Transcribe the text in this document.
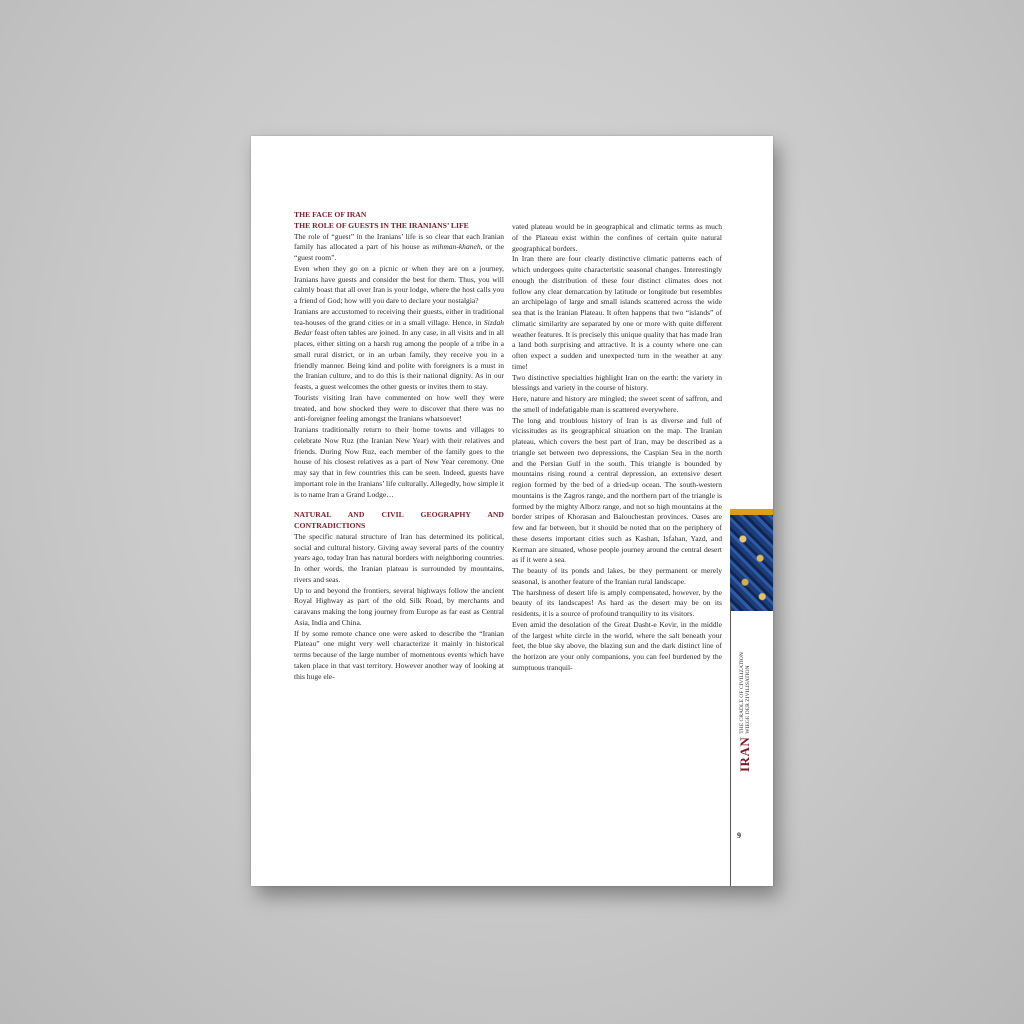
THE FACE OF IRAN

THE ROLE OF GUESTS IN THE IRANIANS’ LIFE

The role of “guest” in the Iranians’ life is so clear that each Iranian family has allocated a part of his house as mihman-khaneh, or the “guest room”.

Even when they go on a picnic or when they are on a journey, Iranians have guests and consider the best for them. Thus, you will calmly boast that all over Iran is your lodge, where the host calls you a friend of God; how will you dare to declare your nostalgia?

Iranians are accustomed to receiving their guests, either in traditional tea-houses of the grand cities or in a small village. Hence, in Sizdah Bedar feast often tables are joined. In any case, in all visits and in all places, either sitting on a harsh rug among the people of a tribe in a small rural district, or in an urban family, they receive you in a friendly manner. Being kind and polite with foreigners is a must in the Iranian culture, and to do this is their national dignity. As in our feasts, a guest welcomes the other guests or invites them to stay.

Tourists visiting Iran have commented on how well they were treated, and how shocked they were to discover that there was no anti-foreigner feeling amongst the Iranians whatsoever!

Iranians traditionally return to their home towns and villages to celebrate Now Ruz (the Iranian New Year) with their relatives and friends. During Now Ruz, each member of the family goes to the house of his closest relatives as a part of New Year ceremony. One may say that in few countries this can be seen. Indeed, guests have important role in the Iranians’ life culturally. Allegedly, how simple it is to name Iran a Grand Lodge…

NATURAL AND CIVIL GEOGRAPHY AND CONTRADICTIONS

The specific natural structure of Iran has determined its political, social and cultural history. Giving away several parts of the country years ago, today Iran has natural borders with neighboring countries. In other words, the Iranian plateau is surrounded by mountains, rivers and seas.

Up to and beyond the frontiers, several highways follow the ancient Royal Highway as part of the old Silk Road, by merchants and caravans making the long journey from Europe as far east as Central Asia, India and China.

If by some remote chance one were asked to describe the “Iranian Plateau” one might very well characterize it mainly in historical terms because of the large number of momentous events which have taken place in that vast territory. However another way of looking at this huge ele-

vated plateau would be in geographical and climatic terms as much of the Plateau exist within the confines of certain quite natural geographical borders.

In Iran there are four clearly distinctive climatic patterns each of which undergoes quite characteristic seasonal changes. Interestingly enough the distribution of these four distinct climates does not follow any clear demarcation by latitude or longitude but resembles an archipelago of large and small islands scattered across the wide sea that is the Iranian Plateau. It often happens that two “islands” of climatic similarity are separated by one or more with quite different weather features. It is precisely this unique quality that has made Iran a land both surprising and attractive. It is a county where one can often expect a sudden and unexpected turn in the weather at any time!

Two distinctive specialties highlight Iran on the earth: the variety in blessings and variety in the course of history.

Here, nature and history are mingled; the sweet scent of saffron, and the smell of indefatigable man is scattered everywhere.

The long and troublous history of Iran is as diverse and full of vicissitudes as its geographical situation on the map. The Iranian plateau, which covers the best part of Iran, may be described as a triangle set between two depressions, the Caspian Sea in the north and the Persian Gulf in the south. This triangle is bounded by mountains rising round a central depression, an extensive desert region formed by the bed of a dried-up ocean. The south-western mountains is the Zagros range, and the northern part of the triangle is formed by the mighty Alborz range, and not so high mountains at the border stripes of Khorasan and Balouchestan provinces. Oases are few and far between, but it should be noted that on the periphery of these deserts important cities such as Kashan, Isfahan, Yazd, and Kerman are situated, whose people journey around the central desert as if it were a sea.

The beauty of its ponds and lakes, be they permanent or merely seasonal, is another feature of the Iranian rural landscape.

The harshness of desert life is amply compensated, however, by the beauty of its landscapes! As hard as the desert may be on its residents, it is a source of profound tranquility to its visitors.

Even amid the desolation of the Great Dasht-e Kevir, in the middle of the largest white circle in the world, where the salt beneath your feet, the blue sky above, the blazing sun and the dark distinct line of the horizon are your only companions, you can feel burdened by the sumptuous tranquil-

IRAN
THE CRADLE OF CIVILIZATION WIEGE DER ZIVILISATION
9
